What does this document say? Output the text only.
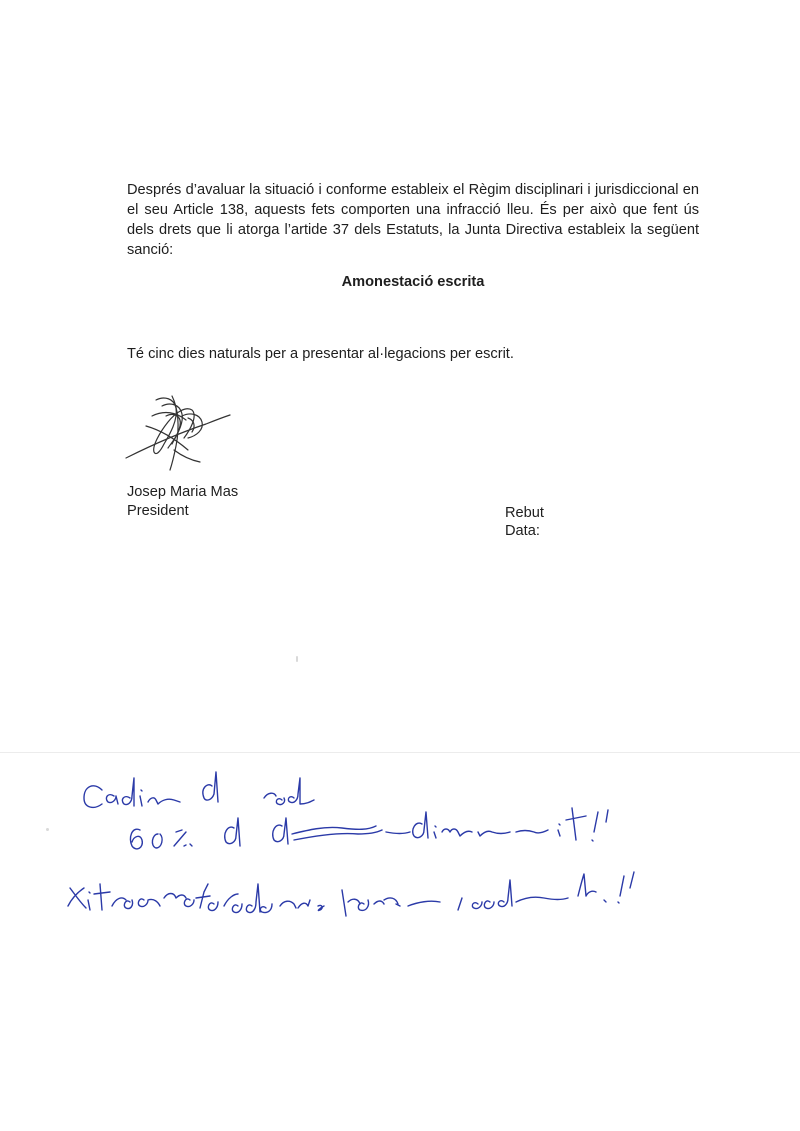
Després d’avaluar la situació i conforme estableix el Règim disciplinari i jurisdiccional en el seu Article 138, aquests fets comporten una infracció lleu. És per això que fent ús dels drets que li atorga l’artide 37 dels Estatuts, la Junta Directiva estableix la següent sanció:

Amonestació escrita

Té cinc dies naturals per a presentar al·legacions per escrit.

Josep Maria Mas
President	Rebut
Data:
